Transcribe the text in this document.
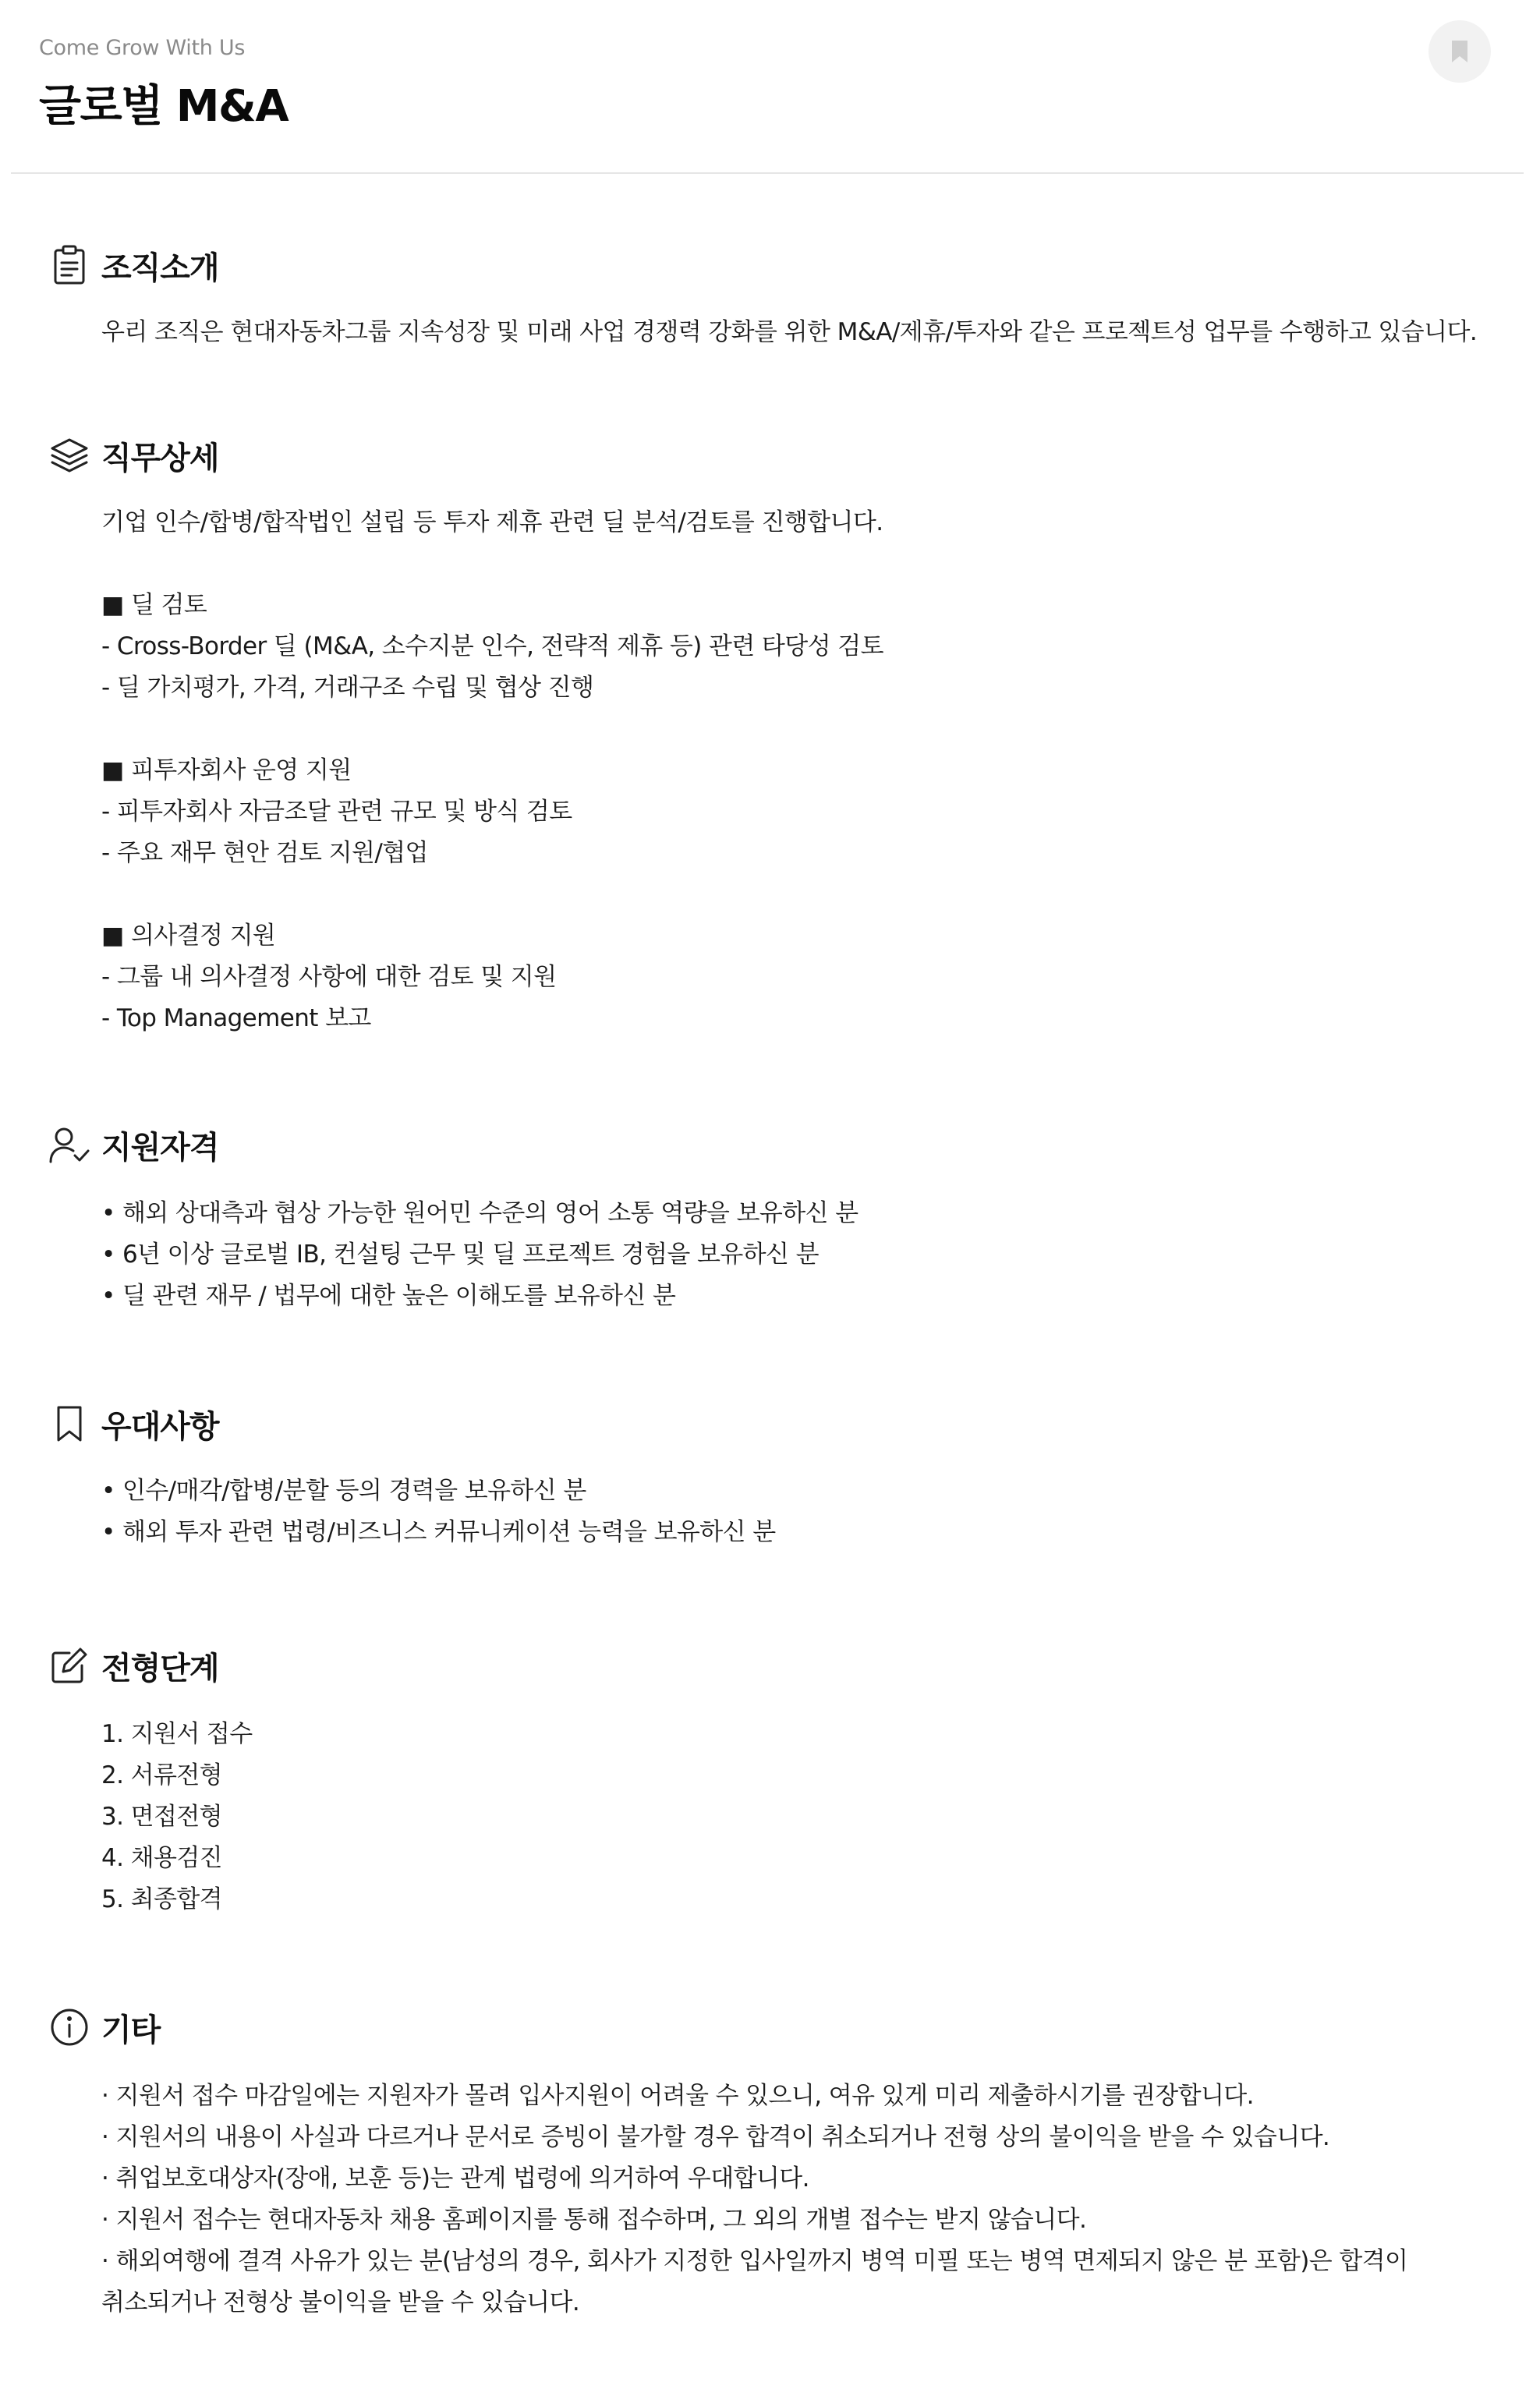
Come Grow With Us
글로벌 M&A
조직소개
우리 조직은 현대자동차그룹 지속성장 및 미래 사업 경쟁력 강화를 위한 M&A/제휴/투자와 같은 프로젝트성 업무를 수행하고 있습니다.
직무상세
기업 인수/합병/합작법인 설립 등 투자 제휴 관련 딜 분석/검토를 진행합니다.
■ 딜 검토
- Cross-Border 딜 (M&A, 소수지분 인수, 전략적 제휴 등) 관련 타당성 검토
- 딜 가치평가, 가격, 거래구조 수립 및 협상 진행
■ 피투자회사 운영 지원
- 피투자회사 자금조달 관련 규모 및 방식 검토
- 주요 재무 현안 검토 지원/협업
■ 의사결정 지원
- 그룹 내 의사결정 사항에 대한 검토 및 지원
- Top Management 보고
지원자격
• 해외 상대측과 협상 가능한 원어민 수준의 영어 소통 역량을 보유하신 분
• 6년 이상 글로벌 IB, 컨설팅 근무 및 딜 프로젝트 경험을 보유하신 분
• 딜 관련 재무 / 법무에 대한 높은 이해도를 보유하신 분
우대사항
• 인수/매각/합병/분할 등의 경력을 보유하신 분
• 해외 투자 관련 법령/비즈니스 커뮤니케이션 능력을 보유하신 분
전형단계
1. 지원서 접수
2. 서류전형
3. 면접전형
4. 채용검진
5. 최종합격
기타
· 지원서 접수 마감일에는 지원자가 몰려 입사지원이 어려울 수 있으니, 여유 있게 미리 제출하시기를 권장합니다.
· 지원서의 내용이 사실과 다르거나 문서로 증빙이 불가할 경우 합격이 취소되거나 전형 상의 불이익을 받을 수 있습니다.
· 취업보호대상자(장애, 보훈 등)는 관계 법령에 의거하여 우대합니다.
· 지원서 접수는 현대자동차 채용 홈페이지를 통해 접수하며, 그 외의 개별 접수는 받지 않습니다.
· 해외여행에 결격 사유가 있는 분(남성의 경우, 회사가 지정한 입사일까지 병역 미필 또는 병역 면제되지 않은 분 포함)은 합격이
취소되거나 전형상 불이익을 받을 수 있습니다.
